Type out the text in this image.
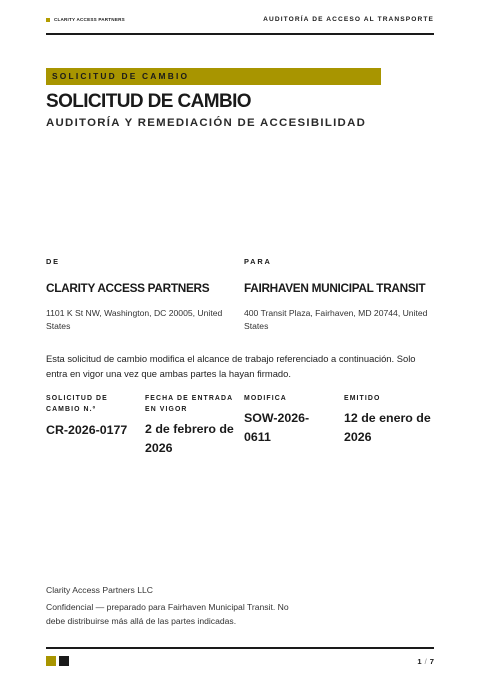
CLARITY ACCESS PARTNERS	AUDITORÍA DE ACCESO AL TRANSPORTE
SOLICITUD DE CAMBIO
SOLICITUD DE CAMBIO
AUDITORÍA Y REMEDIACIÓN DE ACCESIBILIDAD
DE
CLARITY ACCESS PARTNERS
1101 K St NW, Washington, DC 20005, United States
PARA
FAIRHAVEN MUNICIPAL TRANSIT
400 Transit Plaza, Fairhaven, MD 20744, United States
Esta solicitud de cambio modifica el alcance de trabajo referenciado a continuación. Solo entra en vigor una vez que ambas partes la hayan firmado.
SOLICITUD DE CAMBIO N.º
CR-2026-0177
FECHA DE ENTRADA EN VIGOR
2 de febrero de 2026
MODIFICA
SOW-2026-0611
EMITIDO
12 de enero de 2026
Clarity Access Partners LLC
Confidencial — preparado para Fairhaven Municipal Transit. No debe distribuirse más allá de las partes indicadas.
1 / 7
